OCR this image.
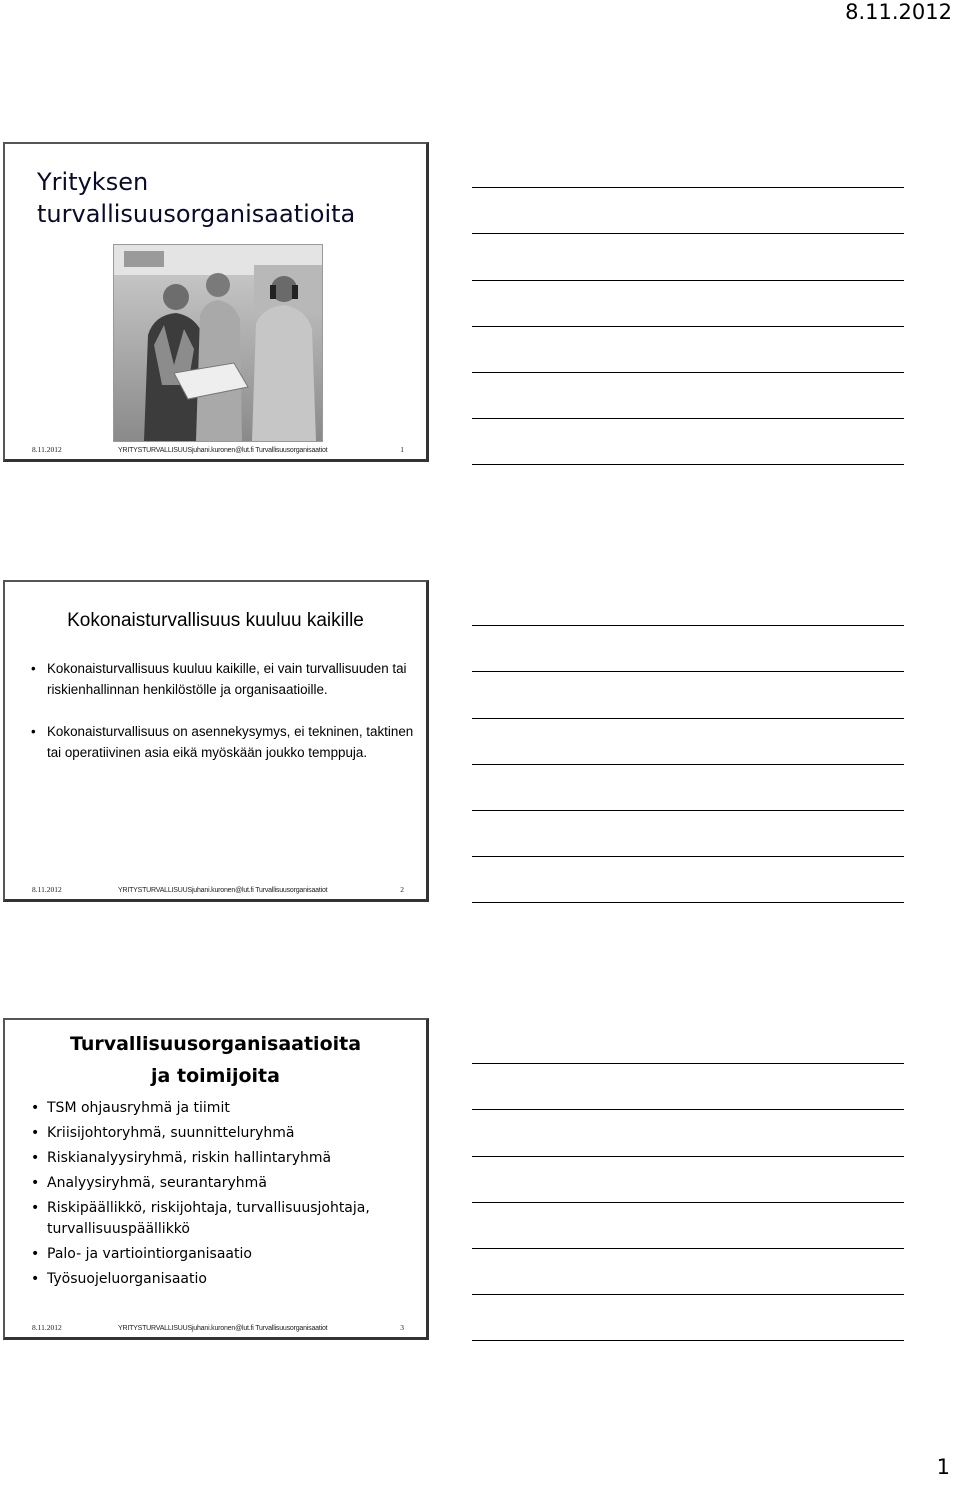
8.11.2012
Yrityksen
turvallisuusorganisaatioita
8.11.2012	YRITYSTURVALLISUUSjuhani.kuronen@lut.fi Turvallisuusorganisaatiot	1
Kokonaisturvallisuus kuuluu kaikille
• Kokonaisturvallisuus kuuluu kaikille, ei vain turvallisuuden tai riskienhallinnan henkilöstölle ja organisaatioille.
• Kokonaisturvallisuus on asennekysymys, ei tekninen, taktinen tai operatiivinen asia eikä myöskään joukko temppuja.
8.11.2012	YRITYSTURVALLISUUSjuhani.kuronen@lut.fi Turvallisuusorganisaatiot	2
Turvallisuusorganisaatioita
ja toimijoita
• TSM ohjausryhmä ja tiimit
• Kriisijohtoryhmä, suunnitteluryhmä
• Riskianalyysiryhmä, riskin hallintaryhmä
• Analyysiryhmä, seurantaryhmä
• Riskipäällikkö, riskijohtaja, turvallisuusjohtaja, turvallisuuspäällikkö
• Palo- ja vartiointiorganisaatio
• Työsuojeluorganisaatio
8.11.2012	YRITYSTURVALLISUUSjuhani.kuronen@lut.fi Turvallisuusorganisaatiot	3
1
